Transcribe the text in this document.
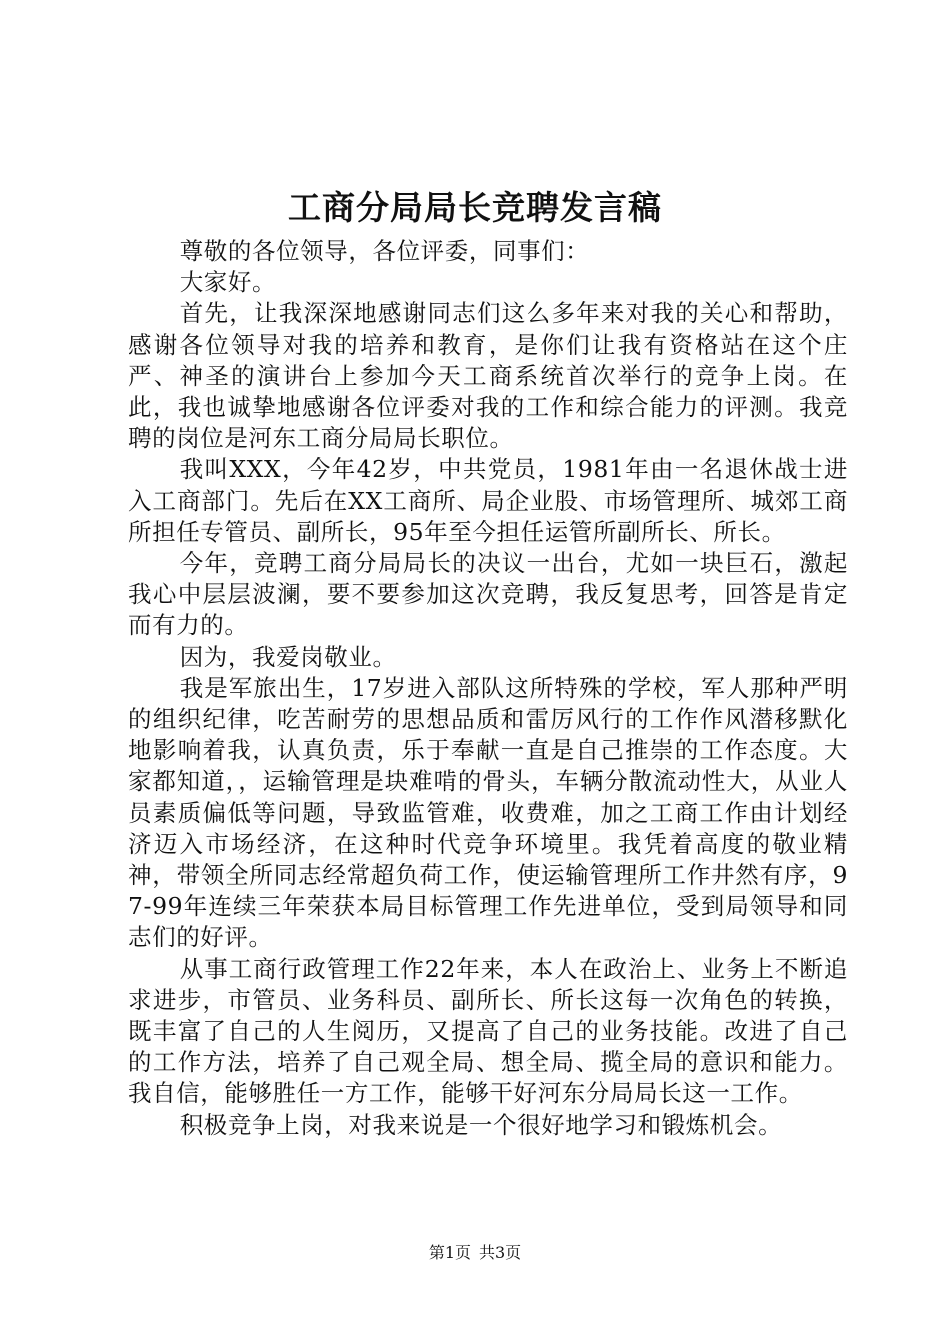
工商分局局长竞聘发言稿

尊敬的各位领导，各位评委，同事们：

大家好。

首先，让我深深地感谢同志们这么多年来对我的关心和帮助，感谢各位领导对我的培养和教育，是你们让我有资格站在这个庄严、神圣的演讲台上参加今天工商系统首次举行的竞争上岗。在此，我也诚挚地感谢各位评委对我的工作和综合能力的评测。我竞聘的岗位是河东工商分局局长职位。

我叫XXX，今年42岁，中共党员，1981年由一名退休战士进入工商部门。先后在XX工商所、局企业股、市场管理所、城郊工商所担任专管员、副所长，95年至今担任运管所副所长、所长。

今年，竞聘工商分局局长的决议一出台，尤如一块巨石，激起我心中层层波澜，要不要参加这次竞聘，我反复思考，回答是肯定而有力的。

因为，我爱岗敬业。

我是军旅出生，17岁进入部队这所特殊的学校，军人那种严明的组织纪律，吃苦耐劳的思想品质和雷厉风行的工作作风潜移默化地影响着我，认真负责，乐于奉献一直是自己推崇的工作态度。大家都知道，，运输管理是块难啃的骨头，车辆分散流动性大，从业人员素质偏低等问题，导致监管难，收费难，加之工商工作由计划经济迈入市场经济，在这种时代竞争环境里。我凭着高度的敬业精神，带领全所同志经常超负荷工作，使运输管理所工作井然有序，97-99年连续三年荣获本局目标管理工作先进单位，受到局领导和同志们的好评。

从事工商行政管理工作22年来，本人在政治上、业务上不断追求进步，市管员、业务科员、副所长、所长这每一次角色的转换，既丰富了自己的人生阅历，又提高了自己的业务技能。改进了自己的工作方法，培养了自己观全局、想全局、揽全局的意识和能力。我自信，能够胜任一方工作，能够干好河东分局局长这一工作。

积极竞争上岗，对我来说是一个很好地学习和锻炼机会。

第1页 共3页
